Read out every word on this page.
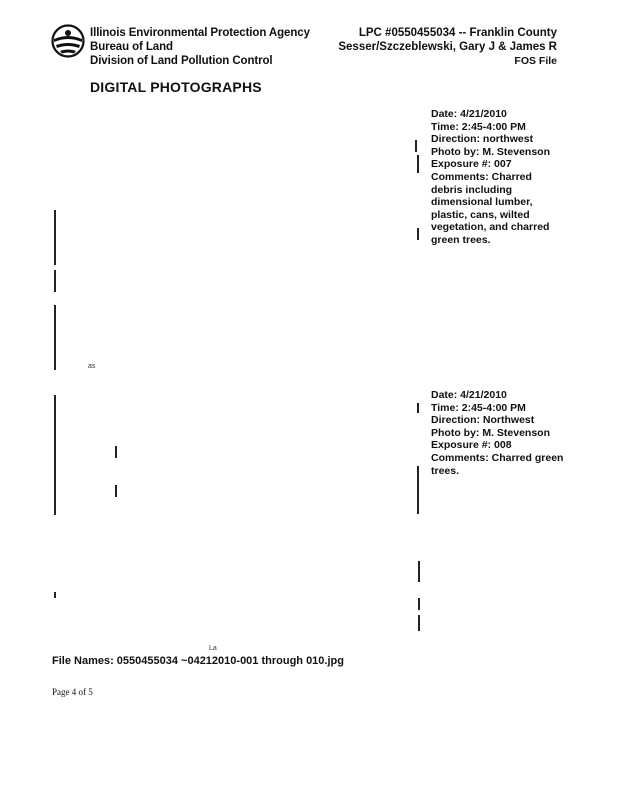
Illinois Environmental Protection Agency
Bureau of Land
Division of Land Pollution Control
LPC #0550455034 -- Franklin County
Sesser/Szczeblewski, Gary J & James R
FOS File
DIGITAL PHOTOGRAPHS
Date: 4/21/2010
Time: 2:45-4:00 PM
Direction: northwest
Photo by: M. Stevenson
Exposure #: 007
Comments: Charred debris including dimensional lumber, plastic, cans, wilted vegetation, and charred green trees.
Date: 4/21/2010
Time: 2:45-4:00 PM
Direction: Northwest
Photo by: M. Stevenson
Exposure #: 008
Comments: Charred green trees.
as
La
File Names: 0550455034 ~04212010-001 through 010.jpg
Page 4 of 5
